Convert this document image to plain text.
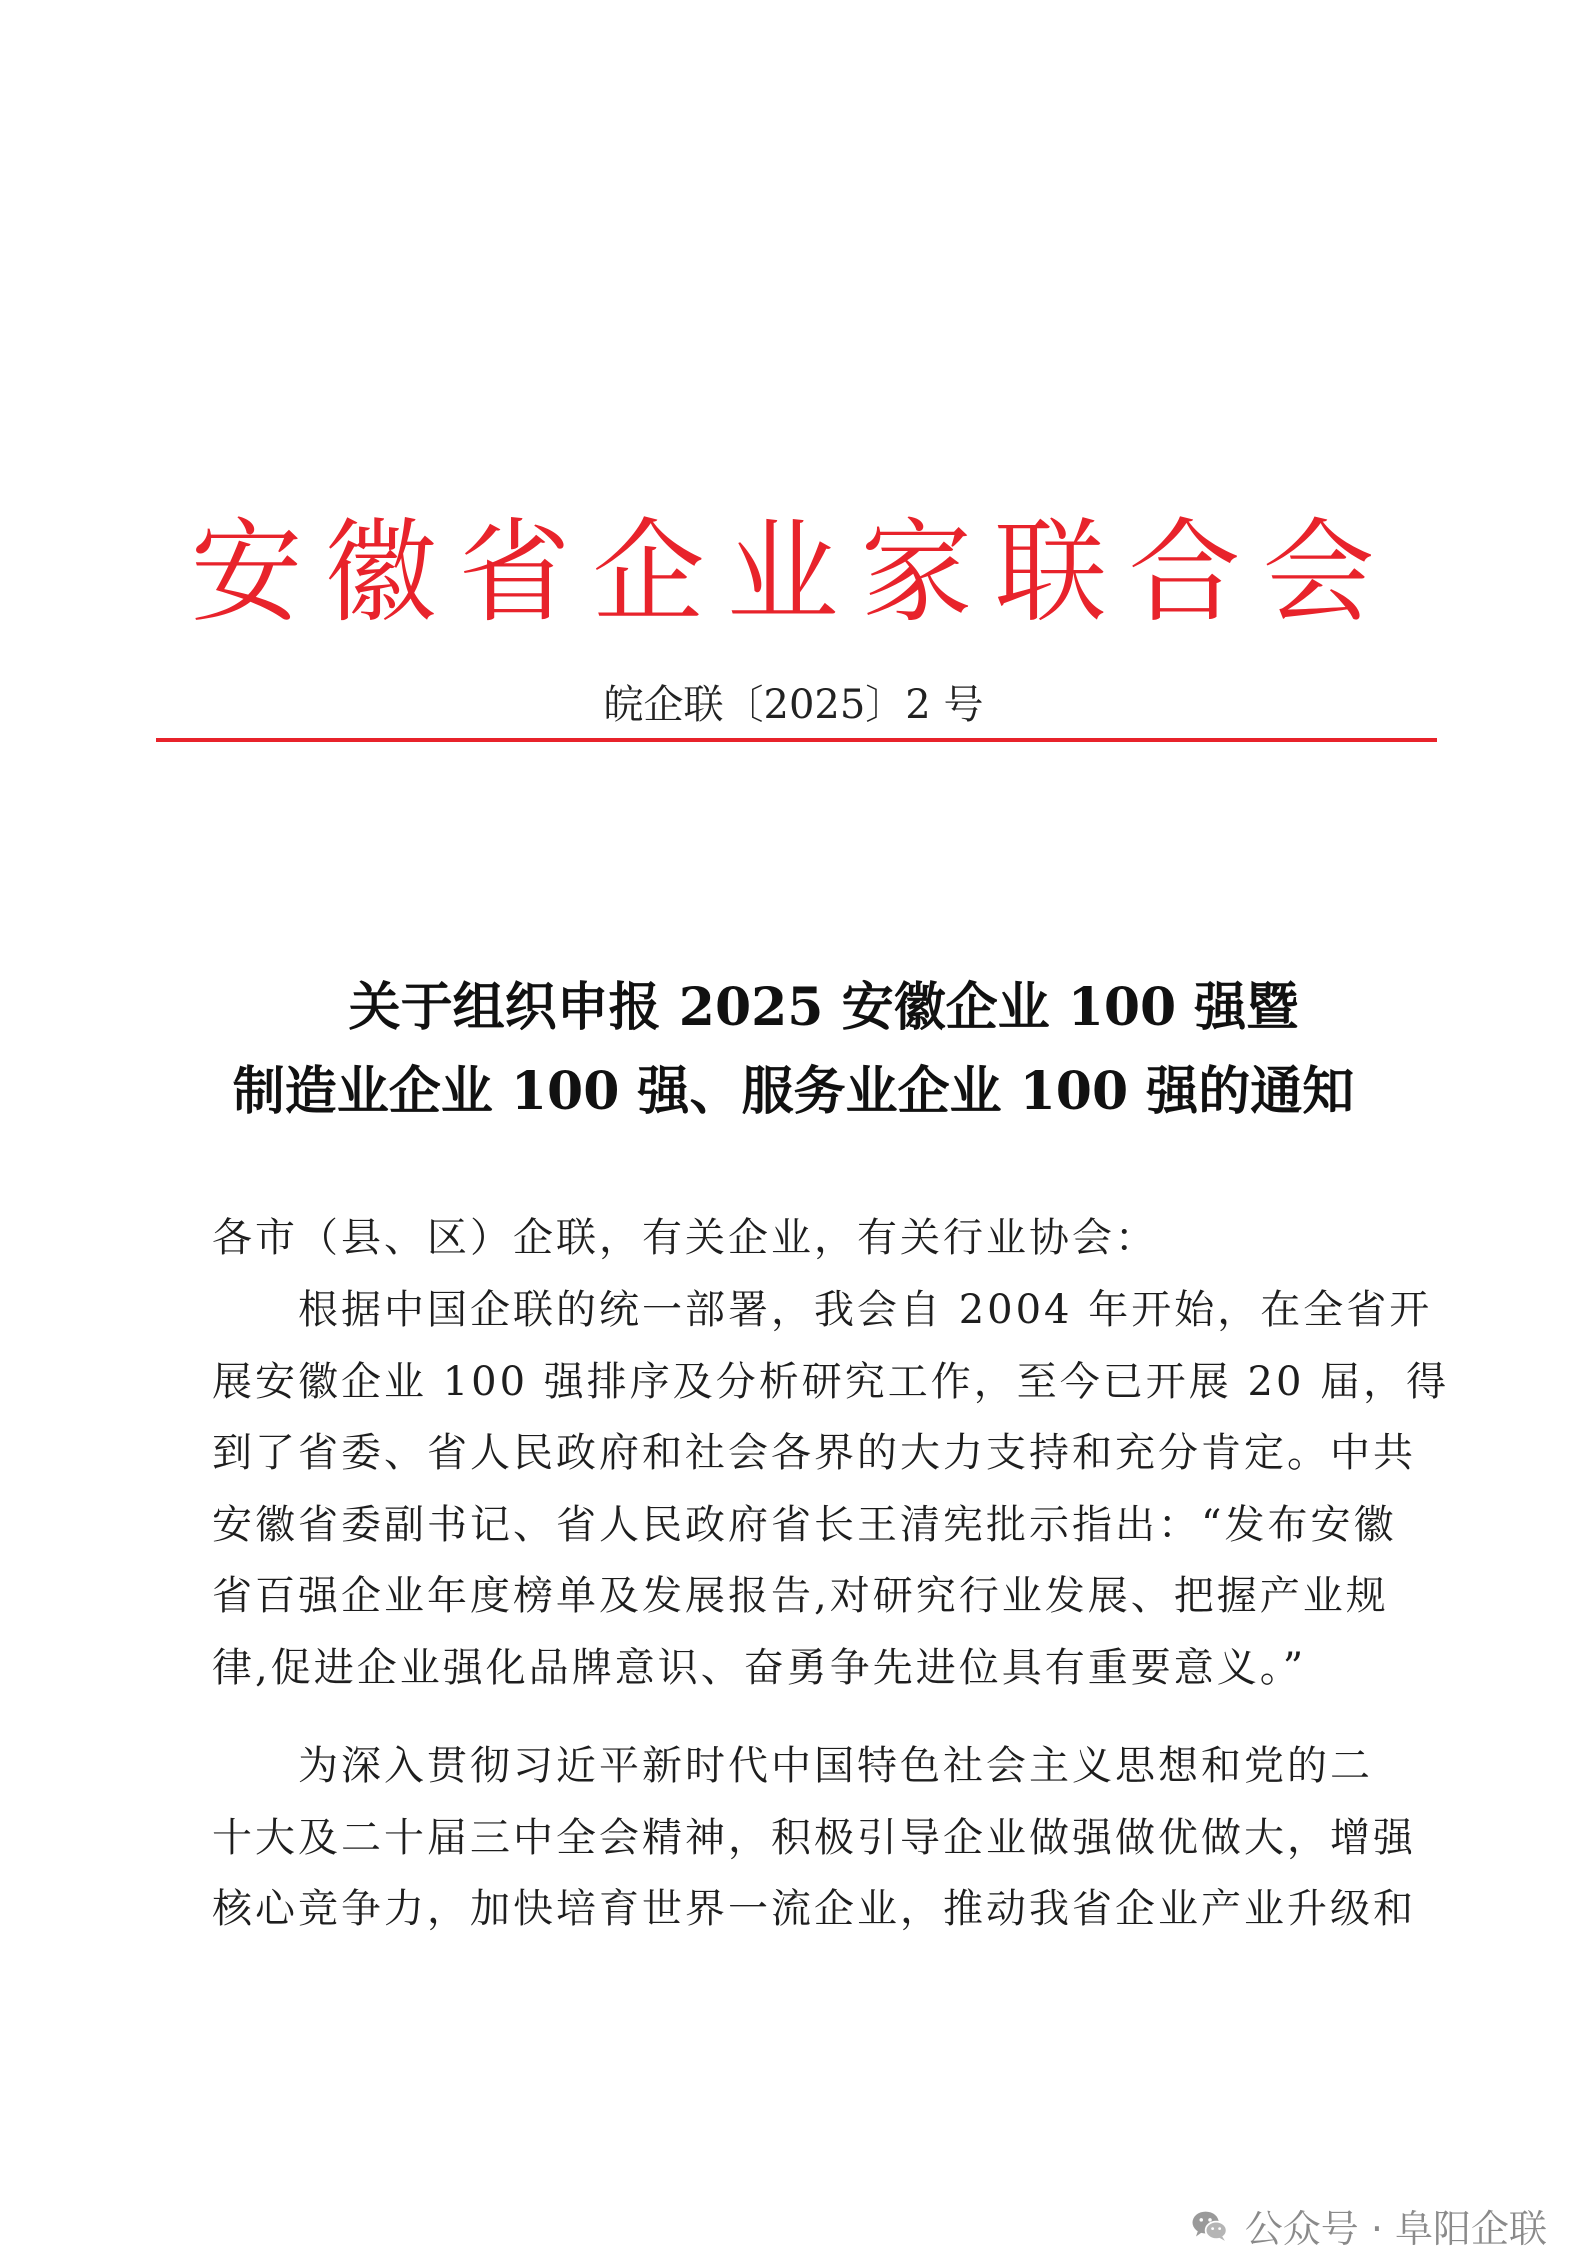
安徽省企业家联合会
皖企联〔2025〕2 号
关于组织申报 2025 安徽企业 100 强暨
制造业企业 100 强、服务业企业 100 强的通知
各市（县、区）企联，有关企业，有关行业协会：
　　根据中国企联的统一部署，我会自 2004 年开始，在全省开
展安徽企业 100 强排序及分析研究工作，至今已开展 20 届，得
到了省委、省人民政府和社会各界的大力支持和充分肯定。中共
安徽省委副书记、省人民政府省长王清宪批示指出：“发布安徽
省百强企业年度榜单及发展报告,对研究行业发展、把握产业规
律,促进企业强化品牌意识、奋勇争先进位具有重要意义。”
　　为深入贯彻习近平新时代中国特色社会主义思想和党的二
十大及二十届三中全会精神，积极引导企业做强做优做大，增强
核心竞争力，加快培育世界一流企业，推动我省企业产业升级和
公众号 · 阜阳企联
